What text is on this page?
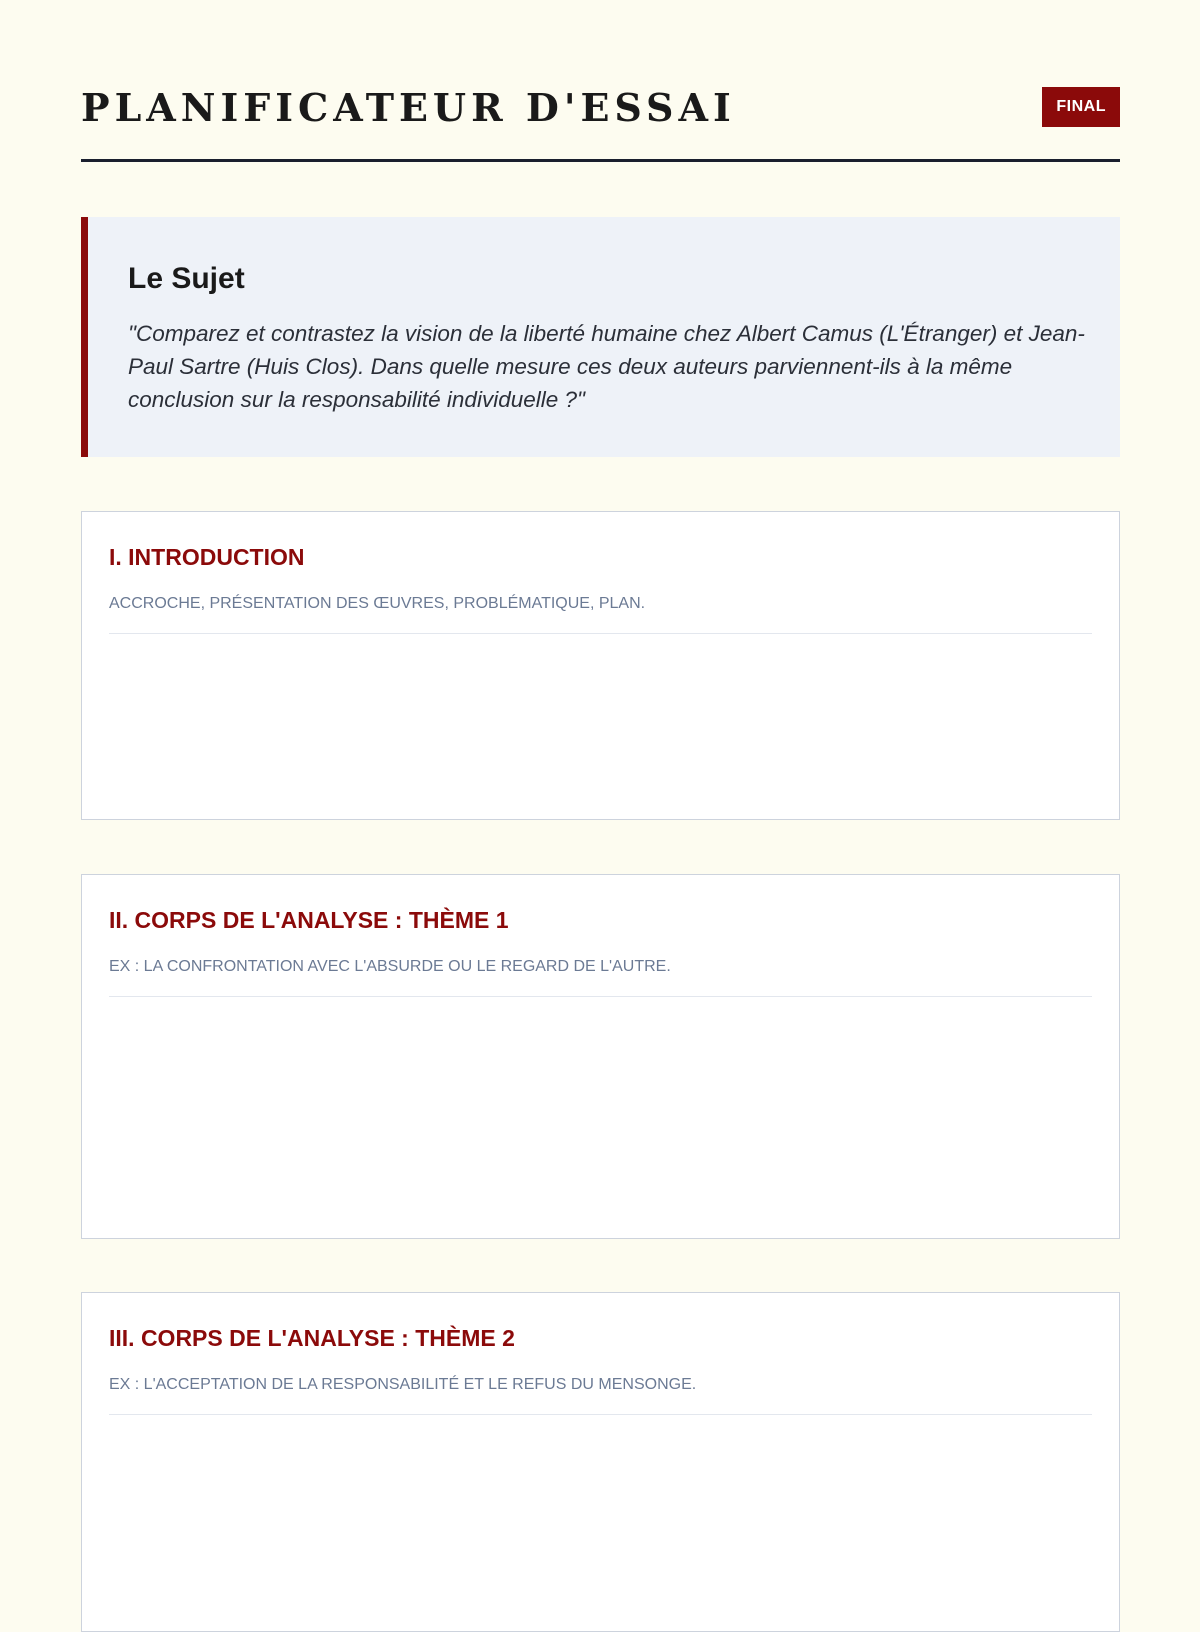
PLANIFICATEUR D'ESSAI	FINAL
Le Sujet

"Comparez et contrastez la vision de la liberté humaine chez Albert Camus (L'Étranger) et Jean-Paul Sartre (Huis Clos). Dans quelle mesure ces deux auteurs parviennent-ils à la même conclusion sur la responsabilité individuelle ?"

I. INTRODUCTION

ACCROCHE, PRÉSENTATION DES ŒUVRES, PROBLÉMATIQUE, PLAN.

II. CORPS DE L'ANALYSE : THÈME 1

EX : LA CONFRONTATION AVEC L'ABSURDE OU LE REGARD DE L'AUTRE.

III. CORPS DE L'ANALYSE : THÈME 2

EX : L'ACCEPTATION DE LA RESPONSABILITÉ ET LE REFUS DU MENSONGE.
